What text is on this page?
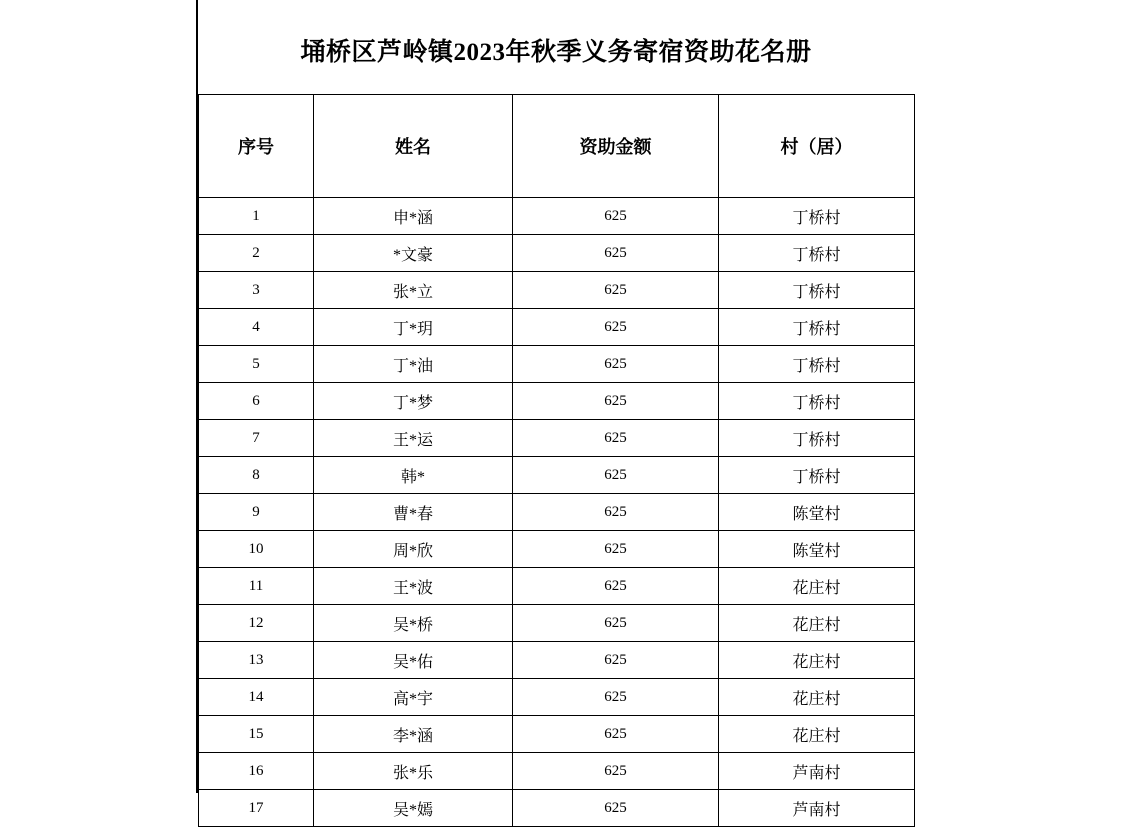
埇桥区芦岭镇2023年秋季义务寄宿资助花名册
序号	姓名	资助金额	村（居）
1	申*涵	625	丁桥村
2	*文豪	625	丁桥村
3	张*立	625	丁桥村
4	丁*玥	625	丁桥村
5	丁*油	625	丁桥村
6	丁*梦	625	丁桥村
7	王*运	625	丁桥村
8	韩*	625	丁桥村
9	曹*春	625	陈堂村
10	周*欣	625	陈堂村
11	王*波	625	花庄村
12	吴*桥	625	花庄村
13	吴*佑	625	花庄村
14	高*宇	625	花庄村
15	李*涵	625	花庄村
16	张*乐	625	芦南村
17	吴*嫣	625	芦南村
